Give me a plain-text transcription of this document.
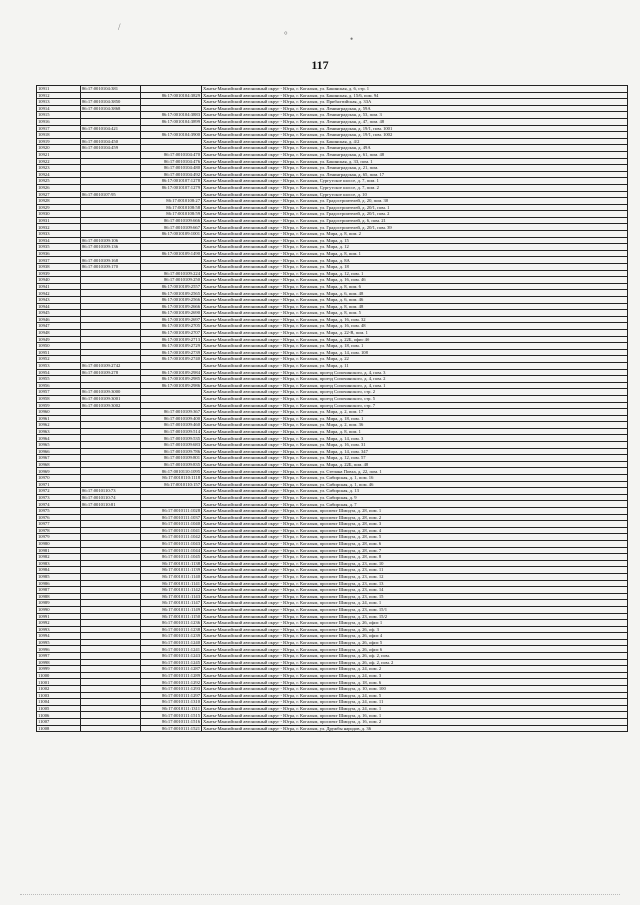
/
°	•
117
10911	86:17:0010104:381		Ханты-Мансийский автономный округ - Югра, г. Когалым, ул. Бакинская, д. 6, стр. 1
10912		86:17:0010104:3829	Ханты-Мансийский автономный округ - Югра, г. Когалым, ул. Бакинская, д. 15/6, пом. 94
10913	86:17:0010104:3850		Ханты-Мансийский автономный округ - Югра, г. Когалым, ул. Прибалтийская, д. 33А
10914	86:17:0010104:3868		Ханты-Мансийский автономный округ - Югра, г. Когалым, ул. Ленинградская, д. 59А
10915		86:17:0010104:3883	Ханты-Мансийский автономный округ - Югра, г. Когалым, ул. Ленинградская, д. 53, пом. 3
10916		86:17:0010104:3899	Ханты-Мансийский автономный округ - Югра, г. Когалым, ул. Ленинградская, д. 47, пом. 48
10917	86:17:0010104:421		Ханты-Мансийский автономный округ - Югра, г. Когалым, ул. Ленинградская, д. 19/1, пом. 1001
10918		86:17:0010104:3900	Ханты-Мансийский автономный округ - Югра, г. Когалым, ул. Ленинградская, д. 19/1, пом. 1002
10919	86:17:0010104:450		Ханты-Мансийский автономный округ - Югра, г. Когалым, ул. Бакинская, д. 4/2
10920	86:17:0010104:459		Ханты-Мансийский автономный округ - Югра, г. Когалым, ул. Ленинградская, д. 49А
10921		86:17:0010104:470	Ханты-Мансийский автономный округ - Югра, г. Когалым, ул. Ленинградская, д. 61, пом. 48
10922		86:17:0010104:476	Ханты-Мансийский автономный округ - Югра, г. Когалым, ул. Бакинская, д. 33, пом. 1
10923		86:17:0010104:480	Ханты-Мансийский автономный округ - Югра, г. Когалым, ул. Ленинградская, д. 21, пом.
10924		86:17:0010104:492	Ханты-Мансийский автономный округ - Югра, г. Когалым, ул. Ленинградская, д. 65, пом. 17
10925		86:17:0010107:1278	Ханты-Мансийский автономный округ - Югра, г. Когалым, Сургутское шоссе, д. 7, пом. 1
10926		86:17:0010107:1279	Ханты-Мансийский автономный округ - Югра, г. Когалым, Сургутское шоссе, д. 7, пом. 2
10927	86:17:0010107:95		Ханты-Мансийский автономный округ - Югра, г. Когалым, Сургутское шоссе, д. 10
10928		86:17:0010108:27	Ханты-Мансийский автономный округ - Югра, г. Когалым, ул. Градостроителей, д. 20, пом. 30
10929		86:17:0010108:58	Ханты-Мансийский автономный округ - Югра, г. Когалым, ул. Градостроителей, д. 20/1, пом. 1
10930		86:17:0010108:59	Ханты-Мансийский автономный округ - Югра, г. Когалым, ул. Градостроителей, д. 20/1, пом. 2
10931		86:17:0010109:666	Ханты-Мансийский автономный округ - Югра, г. Когалым, ул. Градостроителей, д. 6, пом. 21
10932		86:17:0010109:667	Ханты-Мансийский автономный округ - Югра, г. Когалым, ул. Градостроителей, д. 20/1, пом. 39
10933		86:17:0010109:1001	Ханты-Мансийский автономный округ - Югра, г. Когалым, ул. Мира, д. 8, пом. 2
10934	86:17:0010109:106		Ханты-Мансийский автономный округ - Югра, г. Когалым, ул. Мира, д. 15
10935	86:17:0010109:136		Ханты-Мансийский автономный округ - Югра, г. Когалым, ул. Мира, д. 12
10936		86:17:0010109:1490	Ханты-Мансийский автономный округ - Югра, г. Когалым, ул. Мира, д. 8, пом. 1
10937	86:17:0010109:168		Ханты-Мансийский автономный округ - Югра, г. Когалым, ул. Мира, д. 8А
10938	86:17:0010109:170		Ханты-Мансийский автономный округ - Югра, г. Когалым, ул. Мира, д. 18
10939		86:17:0010109:224	Ханты-Мансийский автономный округ - Югра, г. Когалым, ул. Мира, д. 12, пом. 1
10940		86:17:0010109:250	Ханты-Мансийский автономный округ - Югра, г. Когалым, ул. Мира, д. 16, пом. 46
10941		86:17:0010109:2557	Ханты-Мансийский автономный округ - Югра, г. Когалым, ул. Мира, д. 8, пом. 6
10942		86:17:0010109:2565	Ханты-Мансийский автономный округ - Югра, г. Когалым, ул. Мира, д. 6, пом. 48
10943		86:17:0010109:2566	Ханты-Мансийский автономный округ - Югра, г. Когалым, ул. Мира, д. 6, пом. 46
10944		86:17:0010109:2666	Ханты-Мансийский автономный округ - Югра, г. Когалым, ул. Мира, д. 8, пом. 48
10945		86:17:0010109:2690	Ханты-Мансийский автономный округ - Югра, г. Когалым, ул. Мира, д. 8, пом. 5
10946		86:17:0010109:2697	Ханты-Мансийский автономный округ - Югра, г. Когалым, ул. Мира, д. 16, пом. 32
10947		86:17:0010109:2705	Ханты-Мансийский автономный округ - Югра, г. Когалым, ул. Мира, д. 16, пом. 48
10948		86:17:0010109:2707	Ханты-Мансийский автономный округ - Югра, г. Когалым, ул. Мира, д. 22-В, пом. 1
10949		86:17:0010109:2713	Ханты-Мансийский автономный округ - Югра, г. Когалым, ул. Мира, д. 22Б, офис 4б
10950		86:17:0010109:2729	Ханты-Мансийский автономный округ - Югра, г. Когалым, ул. Мира, д. 18, пом. 1
10951		86:17:0010109:2739	Ханты-Мансийский автономный округ - Югра, г. Когалым, ул. Мира, д. 14, пом. 108
10952		86:17:0010109:2740	Ханты-Мансийский автономный округ - Югра, г. Когалым, ул. Мира, д. 22
10953	86:17:0010109:2742		Ханты-Мансийский автономный округ - Югра, г. Когалым, ул. Мира, д. 11
10954	86:17:0010109:278	86:17:0010109:2984	Ханты-Мансийский автономный округ - Югра, г. Когалым, проезд Сопочинского, д. 4, пом. 3
10955		86:17:0010109:2985	Ханты-Мансийский автономный округ - Югра, г. Когалым, проезд Сопочинского, д. 4, пом. 2
10956		86:17:0010109:2986	Ханты-Мансийский автономный округ - Югра, г. Когалым, проезд Сопочинского, д. 4, пом. 1
10957	86:17:0010109:3000		Ханты-Мансийский автономный округ - Югра, г. Когалым, проезд Сопочинского, стр. 2
10958	86:17:0010109:3001		Ханты-Мансийский автономный округ - Югра, г. Когалым, проезд Сопочинского, стр. 5
10959	86:17:0010109:3002		Ханты-Мансийский автономный округ - Югра, г. Когалым, проезд Сопочинского, стр. 7
10960		86:17:0010109:367	Ханты-Мансийский автономный округ - Югра, г. Когалым, ул. Мира, д. 2, пом. 17
10961		86:17:0010109:400	Ханты-Мансийский автономный округ - Югра, г. Когалым, ул. Мира, д. 18, пом. 1
10962		86:17:0010109:460	Ханты-Мансийский автономный округ - Югра, г. Когалым, ул. Мира, д. 2, пом. 36
10963		86:17:0010109:514	Ханты-Мансийский автономный округ - Югра, г. Когалым, ул. Мира, д. 8, пом. 1
10964		86:17:0010109:535	Ханты-Мансийский автономный округ - Югра, г. Когалым, ул. Мира, д. 14, пом. 3
10965		86:17:0010109:683	Ханты-Мансийский автономный округ - Югра, г. Когалым, ул. Мира, д. 16, пом. 31
10966		86:17:0010109:786	Ханты-Мансийский автономный округ - Югра, г. Когалым, ул. Мира, д. 14, пом. 347
10967		86:17:0010109:801	Ханты-Мансийский автономный округ - Югра, г. Когалым, ул. Мира, д. 12, пом. 57
10968		86:17:0010109:835	Ханты-Мансийский автономный округ - Югра, г. Когалым, ул. Мира, д. 22Б, пом. 48
10969		86:17:0010110:1095	Ханты-Мансийский автономный округ - Югра, г. Когалым, ул. Степана Повха, д. 22, пом. 1
10970		86:17:0010110:1118	Ханты-Мансийский автономный округ - Югра, г. Когалым, ул. Сибирская, д. 1, пом. 16
10971		86:17:0010110:157	Ханты-Мансийский автономный округ - Югра, г. Когалым, ул. Сибирская, д. 1, пом. 46
10972	86:17:0010110:73		Ханты-Мансийский автономный округ - Югра, г. Когалым, ул. Сибирская, д. 13
10973	86:17:0010110:74		Ханты-Мансийский автономный округ - Югра, г. Когалым, ул. Сибирская, д. 9
10974	86:17:0010110:81		Ханты-Мансийский автономный округ - Югра, г. Когалым, ул. Сибирская, д. 7
10975		86:17:0010111:1028	Ханты-Мансийский автономный округ - Югра, г. Когалым, проспект Шмидта, д. 28, пом. 1
10976		86:17:0010111:1037	Ханты-Мансийский автономный округ - Югра, г. Когалым, проспект Шмидта, д. 28, пом. 2
10977		86:17:0010111:1040	Ханты-Мансийский автономный округ - Югра, г. Когалым, проспект Шмидта, д. 28, пом. 3
10978		86:17:0010111:1041	Ханты-Мансийский автономный округ - Югра, г. Когалым, проспект Шмидта, д. 28, пом. 4
10979		86:17:0010111:1042	Ханты-Мансийский автономный округ - Югра, г. Когалым, проспект Шмидта, д. 28, пом. 5
10980		86:17:0010111:1043	Ханты-Мансийский автономный округ - Югра, г. Когалым, проспект Шмидта, д. 28, пом. 6
10981		86:17:0010111:1044	Ханты-Мансийский автономный округ - Югра, г. Когалым, проспект Шмидта, д. 28, пом. 7
10982		86:17:0010111:1045	Ханты-Мансийский автономный округ - Югра, г. Когалым, проспект Шмидта, д. 28, пом. 8
10983		86:17:0010111:1138	Ханты-Мансийский автономный округ - Югра, г. Когалым, проспект Шмидта, д. 23, пом. 10
10984		86:17:0010111:1139	Ханты-Мансийский автономный округ - Югра, г. Когалым, проспект Шмидта, д. 23, пом. 11
10985		86:17:0010111:1140	Ханты-Мансийский автономный округ - Югра, г. Когалым, проспект Шмидта, д. 23, пом. 12
10986		86:17:0010111:1141	Ханты-Мансийский автономный округ - Югра, г. Когалым, проспект Шмидта, д. 23, пом. 13
10987		86:17:0010111:1142	Ханты-Мансийский автономный округ - Югра, г. Когалым, проспект Шмидта, д. 23, пом. 14
10988		86:17:0010111:1143	Ханты-Мансийский автономный округ - Югра, г. Когалым, проспект Шмидта, д. 23, пом. 15
10989		86:17:0010111:1147	Ханты-Мансийский автономный округ - Югра, г. Когалым, проспект Шмидта, д. 24, пом. 1
10990		86:17:0010111:1149	Ханты-Мансийский автономный округ - Югра, г. Когалым, проспект Шмидта, д. 23, пом. 15/1
10991		86:17:0010111:1150	Ханты-Мансийский автономный округ - Югра, г. Когалым, проспект Шмидта, д. 23, пом. 15/2
10992		86:17:0010111:1236	Ханты-Мансийский автономный округ - Югра, г. Когалым, проспект Шмидта, д. 26, офис 1
10993		86:17:0010111:1238	Ханты-Мансийский автономный округ - Югра, г. Когалым, проспект Шмидта, д. 26, оф. 3
10994		86:17:0010111:1239	Ханты-Мансийский автономный округ - Югра, г. Когалым, проспект Шмидта, д. 26, офис 4
10995		86:17:0010111:1240	Ханты-Мансийский автономный округ - Югра, г. Когалым, проспект Шмидта, д. 26, офис 5
10996		86:17:0010111:1241	Ханты-Мансийский автономный округ - Югра, г. Когалым, проспект Шмидта, д. 26, офис 6
10997		86:17:0010111:1243	Ханты-Мансийский автономный округ - Югра, г. Когалым, проспект Шмидта, д. 26, оф. 2, пом.
10998		86:17:0010111:1245	Ханты-Мансийский автономный округ - Югра, г. Когалым, проспект Шмидта, д. 26, оф. 2, пом. 2
10999		86:17:0010111:1287	Ханты-Мансийский автономный округ - Югра, г. Когалым, проспект Шмидта, д. 24, пом. 2
11000		86:17:0010111:1289	Ханты-Мансийский автономный округ - Югра, г. Когалым, проспект Шмидта, д. 24, пом. 3
11001		86:17:0010111:1292	Ханты-Мансийский автономный округ - Югра, г. Когалым, проспект Шмидта, д. 18, пом. 6
11002		86:17:0010111:1293	Ханты-Мансийский автономный округ - Югра, г. Когалым, проспект Шмидта, д. 10, пом. 100
11003		86:17:0010111:1297	Ханты-Мансийский автономный округ - Югра, г. Когалым, проспект Шмидта, д. 24, пом. 5
11004		86:17:0010111:1310	Ханты-Мансийский автономный округ - Югра, г. Когалым, проспект Шмидта, д. 24, пом. 11
11005		86:17:0010111:1311	Ханты-Мансийский автономный округ - Югра, г. Когалым, проспект Шмидта, д. 24, пом. 1
11006		86:17:0010111:1515	Ханты-Мансийский автономный округ - Югра, г. Когалым, проспект Шмидта, д. 16, пом. 1
11007		86:17:0010111:1516	Ханты-Мансийский автономный округ - Югра, г. Когалым, проспект Шмидта, д. 16, пом. 2
11008		86:17:0010111:1521	Ханты-Мансийский автономный округ - Югра, г. Когалым, ул. Дружбы народов, д. 36
